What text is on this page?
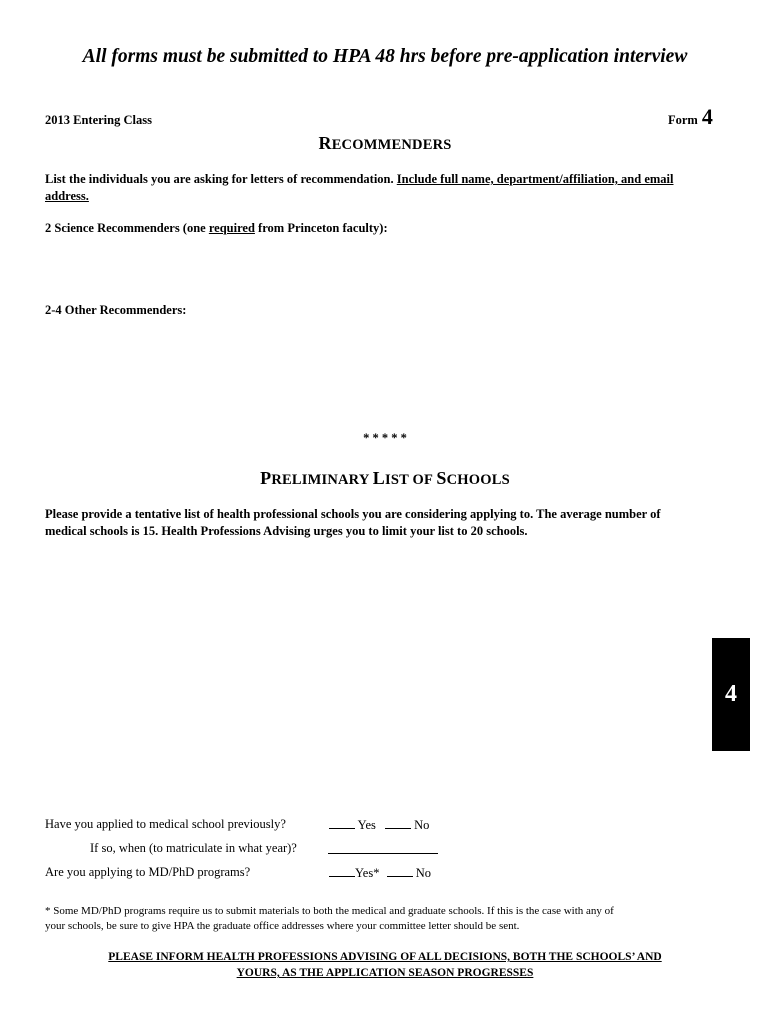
All forms must be submitted to HPA 48 hrs before pre-application interview
2013 Entering Class	Form 4
RECOMMENDERS
List the individuals you are asking for letters of recommendation. Include full name, department/affiliation, and email
address.
2 Science Recommenders (one required from Princeton faculty):
2-4 Other Recommenders:
* * * * *
PRELIMINARY LIST OF SCHOOLS
Please provide a tentative list of health professional schools you are considering applying to. The average number of
medical schools is 15. Health Professions Advising urges you to limit your list to 20 schools.
4
Have you applied to medical school previously?	Yes	No
If so, when (to matriculate in what year)?
Are you applying to MD/PhD programs?	Yes*	No
* Some MD/PhD programs require us to submit materials to both the medical and graduate schools. If this is the case with any of
your schools, be sure to give HPA the graduate office addresses where your committee letter should be sent.
PLEASE INFORM HEALTH PROFESSIONS ADVISING OF ALL DECISIONS, BOTH THE SCHOOLS’ AND
YOURS, AS THE APPLICATION SEASON PROGRESSES
